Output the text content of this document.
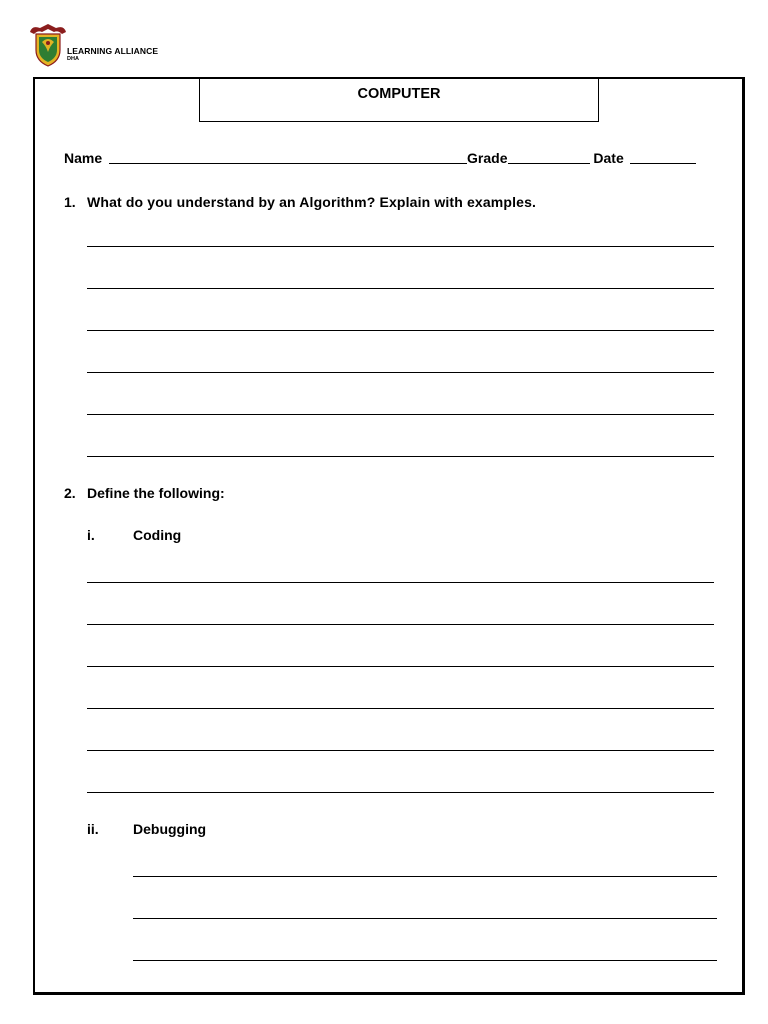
LEARNING ALLIANCE
DHA
COMPUTER
Name	Grade	Date
1. What do you understand by an Algorithm? Explain with examples.
2. Define the following:
i.	Coding
ii. Debugging
